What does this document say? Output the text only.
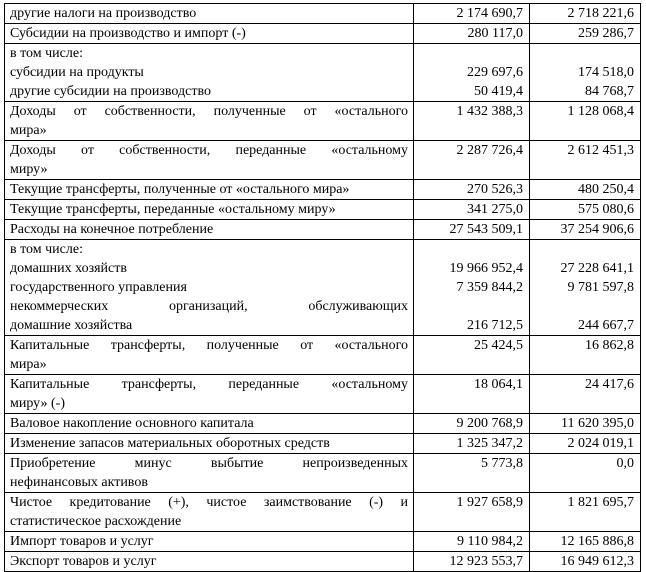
другие налоги на производство	2 174 690,7	2 718 221,6

Субсидии на производство и импорт (-)	280 117,0	259 286,7

в том числе:
субсидии на продукты	229 697,6	174 518,0

другие субсидии на производство	50 419,4	84 768,7

Доходы от собственности, полученные от «остального
мира»	1 432 388,3	1 128 068,4

Доходы от собственности, переданные «остальному
миру»	2 287 726,4	2 612 451,3

Текущие трансферты, полученные от «остального мира»	270 526,3	480 250,4

Текущие трансферты, переданные «остальному миру»	341 275,0	575 080,6

Расходы на конечное потребление	27 543 509,1	37 254 906,6

в том числе:
домашних хозяйств	19 966 952,4	27 228 641,1

государственного управления	7 359 844,2	9 781 597,8

некоммерческих организаций, обслуживающих
домашние хозяйства	216 712,5	244 667,7

Капитальные трансферты, полученные от «остального
мира»	25 424,5	16 862,8

Капитальные трансферты, переданные «остальному
миру» (-)	18 064,1	24 417,6

Валовое накопление основного капитала	9 200 768,9	11 620 395,0

Изменение запасов материальных оборотных средств	1 325 347,2	2 024 019,1

Приобретение минус выбытие непроизведенных
нефинансовых активов	5 773,8	0,0

Чистое кредитование (+), чистое заимствование (-) и
статистическое расхождение	1 927 658,9	1 821 695,7

Импорт товаров и услуг	9 110 984,2	12 165 886,8

Экспорт товаров и услуг	12 923 553,7	16 949 612,3
